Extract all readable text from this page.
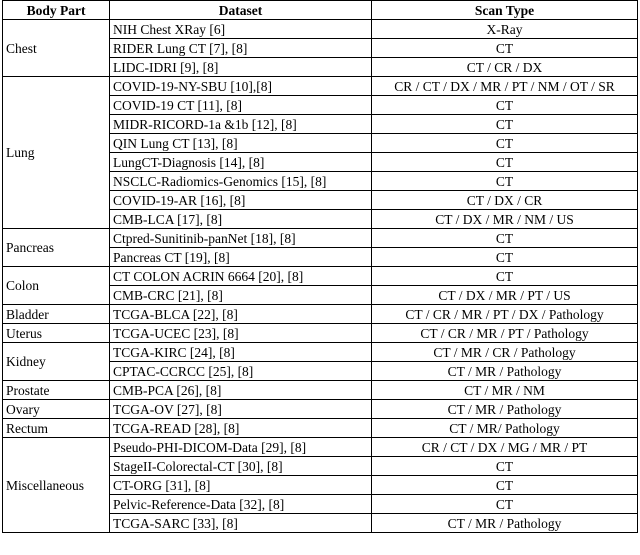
Body Part	Dataset	Scan Type
Chest	NIH Chest XRay [6]	X-Ray
	RIDER Lung CT [7], [8]	CT
	LIDC-IDRI [9], [8]	CT / CR / DX
Lung	COVID-19-NY-SBU [10],[8]	CR / CT / DX / MR / PT / NM / OT / SR
	COVID-19 CT [11], [8]	CT
	MIDR-RICORD-1a &1b [12], [8]	CT
	QIN Lung CT [13], [8]	CT
	LungCT-Diagnosis [14], [8]	CT
	NSCLC-Radiomics-Genomics [15], [8]	CT
	COVID-19-AR [16], [8]	CT / DX / CR
	CMB-LCA [17], [8]	CT / DX / MR / NM / US
Pancreas	Ctpred-Sunitinib-panNet [18], [8]	CT
	Pancreas CT [19], [8]	CT
Colon	CT COLON ACRIN 6664 [20], [8]	CT
	CMB-CRC [21], [8]	CT / DX / MR / PT / US
Bladder	TCGA-BLCA [22], [8]	CT / CR / MR / PT / DX / Pathology
Uterus	TCGA-UCEC [23], [8]	CT / CR / MR / PT / Pathology
Kidney	TCGA-KIRC [24], [8]	CT / MR / CR / Pathology
	CPTAC-CCRCC [25], [8]	CT / MR / Pathology
Prostate	CMB-PCA [26], [8]	CT / MR / NM
Ovary	TCGA-OV [27], [8]	CT / MR / Pathology
Rectum	TCGA-READ [28], [8]	CT / MR/ Pathology
Miscellaneous	Pseudo-PHI-DICOM-Data [29], [8]	CR / CT / DX / MG / MR / PT
	StageII-Colorectal-CT [30], [8]	CT
	CT-ORG [31], [8]	CT
	Pelvic-Reference-Data [32], [8]	CT
	TCGA-SARC [33], [8]	CT / MR / Pathology
